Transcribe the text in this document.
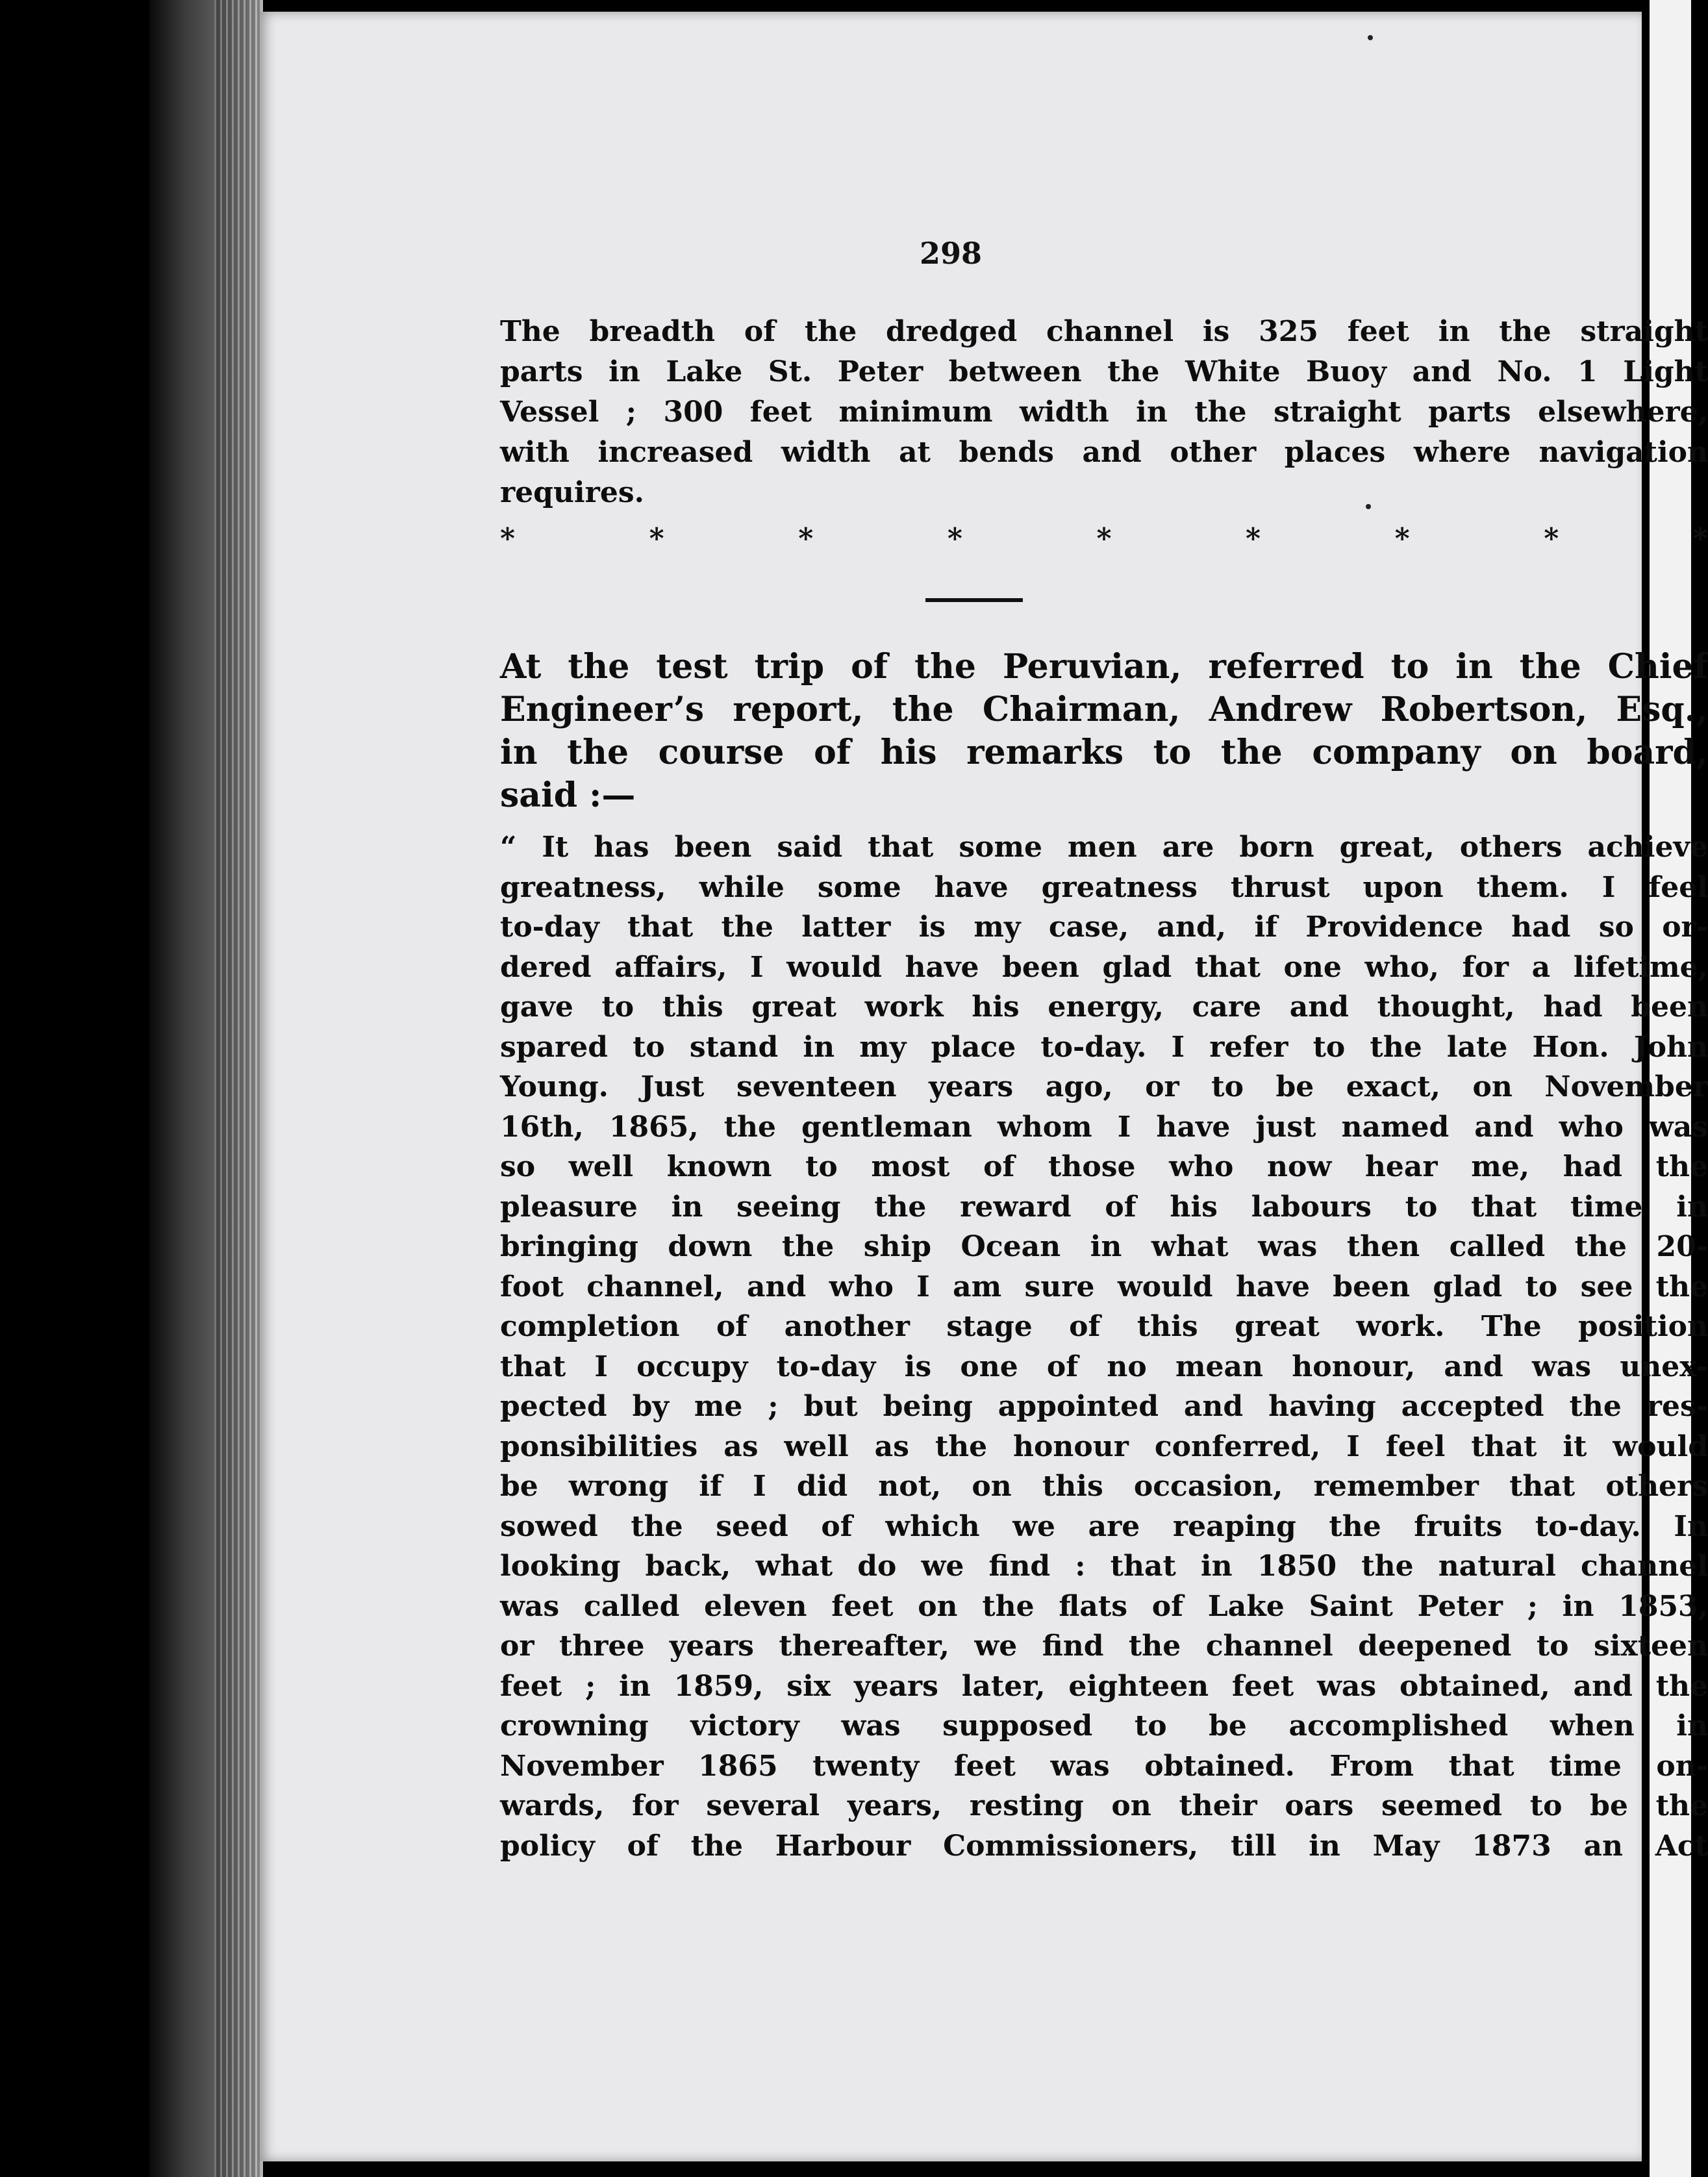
298
The breadth of the dredged channel is 325 feet in the straight
parts in Lake St. Peter between the White Buoy and No. 1 Light
Vessel ; 300 feet minimum width in the straight parts elsewhere,
with increased width at bends and other places where navigation
requires.
*	*	*	*	*	*	*	*	*
At the test trip of the Peruvian, referred to in the Chief
Engineer’s report, the Chairman, Andrew Robertson, Esq.,
in the course of his remarks to the company on board,
said :—
“ It has been said that some men are born great, others achieve
greatness, while some have greatness thrust upon them. I feel
to-day that the latter is my case, and, if Providence had so or-
dered affairs, I would have been glad that one who, for a lifetime,
gave to this great work his energy, care and thought, had been
spared to stand in my place to-day. I refer to the late Hon. John
Young. Just seventeen years ago, or to be exact, on November
16th, 1865, the gentleman whom I have just named and who was
so well known to most of those who now hear me, had the
pleasure in seeing the reward of his labours to that time in
bringing down the ship Ocean in what was then called the 20-
foot channel, and who I am sure would have been glad to see the
completion of another stage of this great work. The position
that I occupy to-day is one of no mean honour, and was unex-
pected by me ; but being appointed and having accepted the res-
ponsibilities as well as the honour conferred, I feel that it would
be wrong if I did not, on this occasion, remember that others
sowed the seed of which we are reaping the fruits to-day. In
looking back, what do we find : that in 1850 the natural channel
was called eleven feet on the flats of Lake Saint Peter ; in 1853,
or three years thereafter, we find the channel deepened to sixteen
feet ; in 1859, six years later, eighteen feet was obtained, and the
crowning victory was supposed to be accomplished when in
November 1865 twenty feet was obtained. From that time on-
wards, for several years, resting on their oars seemed to be the
policy of the Harbour Commissioners, till in May 1873 an Act
